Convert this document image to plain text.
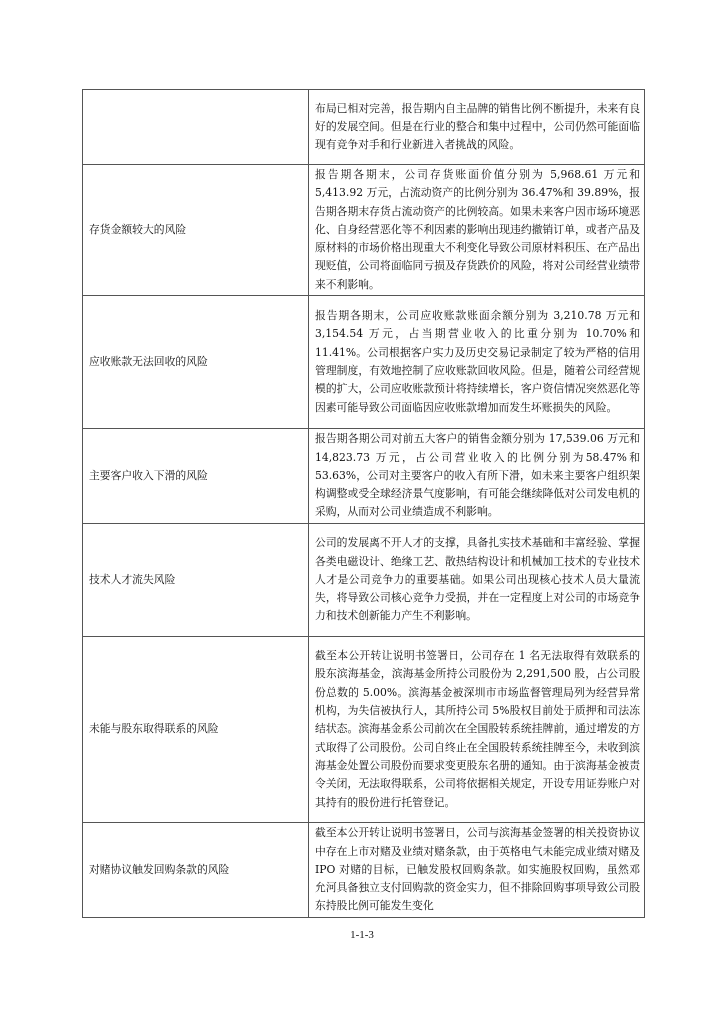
	布局已相对完善，报告期内自主品牌的销售比例不断提升，未来有良好的发展空间。但是在行业的整合和集中过程中，公司仍然可能面临现有竞争对手和行业新进入者挑战的风险。
存货金额较大的风险	报告期各期末，公司存货账面价值分别为 5,968.61 万元和5,413.92 万元，占流动资产的比例分别为 36.47%和 39.89%，报告期各期末存货占流动资产的比例较高。如果未来客户因市场环境恶化、自身经营恶化等不利因素的影响出现违约撤销订单，或者产品及原材料的市场价格出现重大不利变化导致公司原材料积压、在产品出现贬值，公司将面临同亏损及存货跌价的风险，将对公司经营业绩带来不利影响。
应收账款无法回收的风险	报告期各期末，公司应收账款账面余额分别为 3,210.78 万元和 3,154.54 万元，占当期营业收入的比重分别为 10.70%和11.41%。公司根据客户实力及历史交易记录制定了较为严格的信用管理制度，有效地控制了应收账款回收风险。但是，随着公司经营规模的扩大，公司应收账款预计将持续增长，客户资信情况突然恶化等因素可能导致公司面临因应收账款增加而发生坏账损失的风险。
主要客户收入下滑的风险	报告期各期公司对前五大客户的销售金额分别为 17,539.06 万元和14,823.73 万元，占公司营业收入的比例分别为58.47%和 53.63%，公司对主要客户的收入有所下滑，如未来主要客户组织架构调整或受全球经济景气度影响，有可能会继续降低对公司发电机的采购，从而对公司业绩造成不利影响。
技术人才流失风险	公司的发展离不开人才的支撑，具备扎实技术基础和丰富经验、掌握各类电磁设计、绝缘工艺、散热结构设计和机械加工技术的专业技术人才是公司竞争力的重要基础。如果公司出现核心技术人员大量流失，将导致公司核心竞争力受损，并在一定程度上对公司的市场竞争力和技术创新能力产生不利影响。
未能与股东取得联系的风险	截至本公开转让说明书签署日，公司存在 1 名无法取得有效联系的股东滨海基金，滨海基金所持公司股份为 2,291,500 股，占公司股份总数的 5.00%。滨海基金被深圳市市场监督管理局列为经营异常机构，为失信被执行人，其所持公司 5%股权目前处于质押和司法冻结状态。滨海基金系公司前次在全国股转系统挂牌前，通过增发的方式取得了公司股份。公司自终止在全国股转系统挂牌至今，未收到滨海基金处置公司股份而要求变更股东名册的通知。由于滨海基金被责令关闭，无法取得联系，公司将依据相关规定，开设专用证券账户对其持有的股份进行托管登记。
对赌协议触发回购条款的风险	截至本公开转让说明书签署日，公司与滨海基金签署的相关投资协议中存在上市对赌及业绩对赌条款，由于英格电气未能完成业绩对赌及 IPO 对赌的目标，已触发股权回购条款。如实施股权回购，虽然邓允河具备独立支付回购款的资金实力，但不排除回购事项导致公司股东持股比例可能发生变化
1-1-3
